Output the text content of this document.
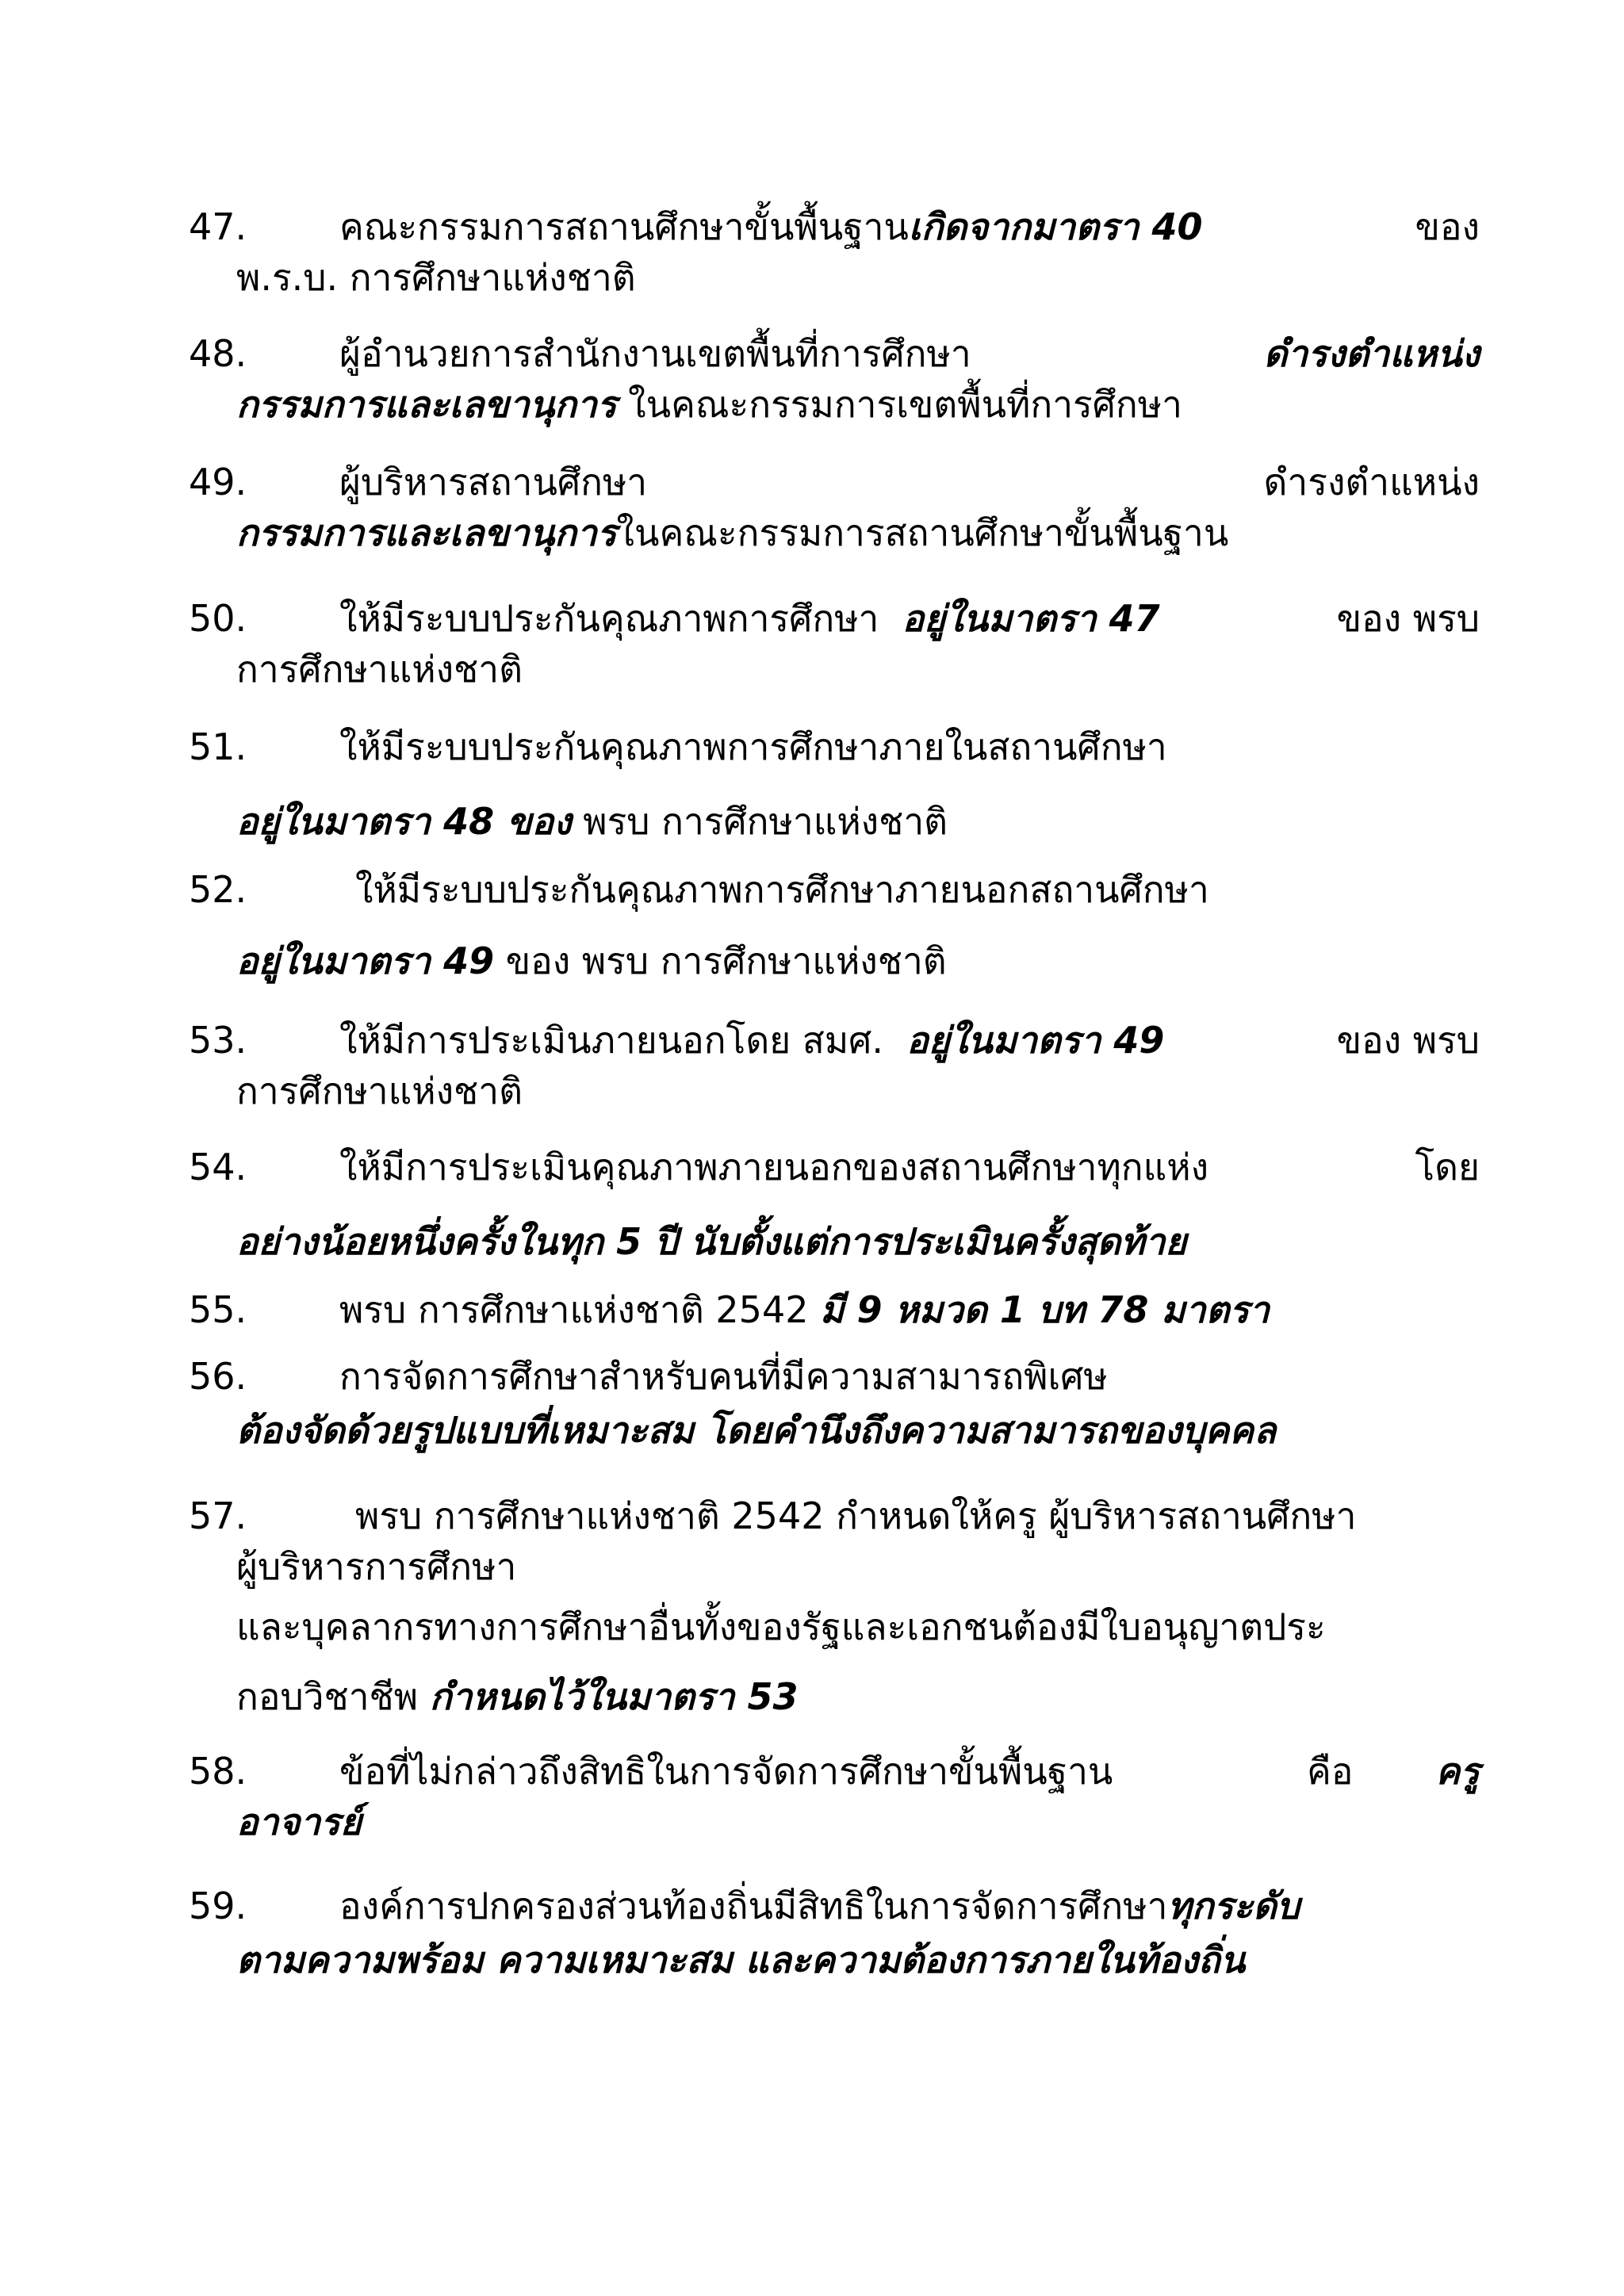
47.	คณะกรรมการสถานศึกษาขั้นพื้นฐานเกิดจากมาตรา 40	ของ
พ.ร.บ. การศึกษาแห่งชาติ
48.	ผู้อำนวยการสำนักงานเขตพื้นที่การศึกษา	ดำรงตำแหน่ง
กรรมการและเลขานุการ ในคณะกรรมการเขตพื้นที่การศึกษา
49.	ผู้บริหารสถานศึกษา	ดำรงตำแหน่ง
กรรมการและเลขานุการในคณะกรรมการสถานศึกษาขั้นพื้นฐาน
50.	ให้มีระบบประกันคุณภาพการศึกษา อยู่ในมาตรา 47	ของ พรบ
การศึกษาแห่งชาติ
51.	ให้มีระบบประกันคุณภาพการศึกษาภายในสถานศึกษา
อยู่ในมาตรา 48 ของ พรบ การศึกษาแห่งชาติ
52.	ให้มีระบบประกันคุณภาพการศึกษาภายนอกสถานศึกษา
อยู่ในมาตรา 49 ของ พรบ การศึกษาแห่งชาติ
53.	ให้มีการประเมินภายนอกโดย สมศ. อยู่ในมาตรา 49	ของ พรบ
การศึกษาแห่งชาติ
54.	ให้มีการประเมินคุณภาพภายนอกของสถานศึกษาทุกแห่ง	โดย
อย่างน้อยหนึ่งครั้งในทุก 5 ปี นับตั้งแต่การประเมินครั้งสุดท้าย
55.	พรบ การศึกษาแห่งชาติ 2542 มี 9 หมวด 1 บท 78 มาตรา
56.	การจัดการศึกษาสำหรับคนที่มีความสามารถพิเศษ
ต้องจัดด้วยรูปแบบที่เหมาะสม โดยคำนึงถึงความสามารถของบุคคล
57.	พรบ การศึกษาแห่งชาติ 2542 กำหนดให้ครู ผู้บริหารสถานศึกษา
ผู้บริหารการศึกษา
และบุคลากรทางการศึกษาอื่นทั้งของรัฐและเอกชนต้องมีใบอนุญาตประ
กอบวิชาชีพ กำหนดไว้ในมาตรา 53
58.	ข้อที่ไม่กล่าวถึงสิทธิในการจัดการศึกษาขั้นพื้นฐาน	คือ ครู
อาจารย์
59.	องค์การปกครองส่วนท้องถิ่นมีสิทธิในการจัดการศึกษาทุกระดับ
ตามความพร้อม ความเหมาะสม และความต้องการภายในท้องถิ่น
